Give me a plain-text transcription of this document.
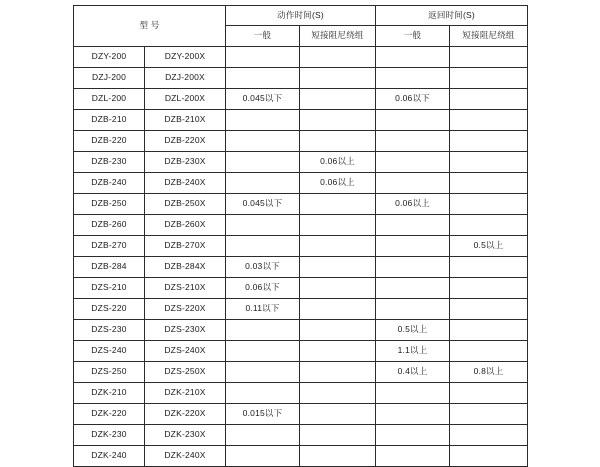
型 号		动作时间(S)		返回时间(S)	
		一般	短接阻尼绕组	一般	短接阻尼绕组
DZY-200	DZY-200X				
DZJ-200	DZJ-200X				
DZL-200	DZL-200X	0.045以下		0.06以下	
DZB-210	DZB-210X				
DZB-220	DZB-220X				
DZB-230	DZB-230X		0.06以上		
DZB-240	DZB-240X		0.06以上		
DZB-250	DZB-250X	0.045以下		0.06以上	
DZB-260	DZB-260X				
DZB-270	DZB-270X				0.5以上
DZB-284	DZB-284X	0.03以下			
DZS-210	DZS-210X	0.06以下			
DZS-220	DZS-220X	0.11以下			
DZS-230	DZS-230X			0.5以上	
DZS-240	DZS-240X			1.1以上	
DZS-250	DZS-250X			0.4以上	0.8以上
DZK-210	DZK-210X				
DZK-220	DZK-220X	0.015以下			
DZK-230	DZK-230X				
DZK-240	DZK-240X				
